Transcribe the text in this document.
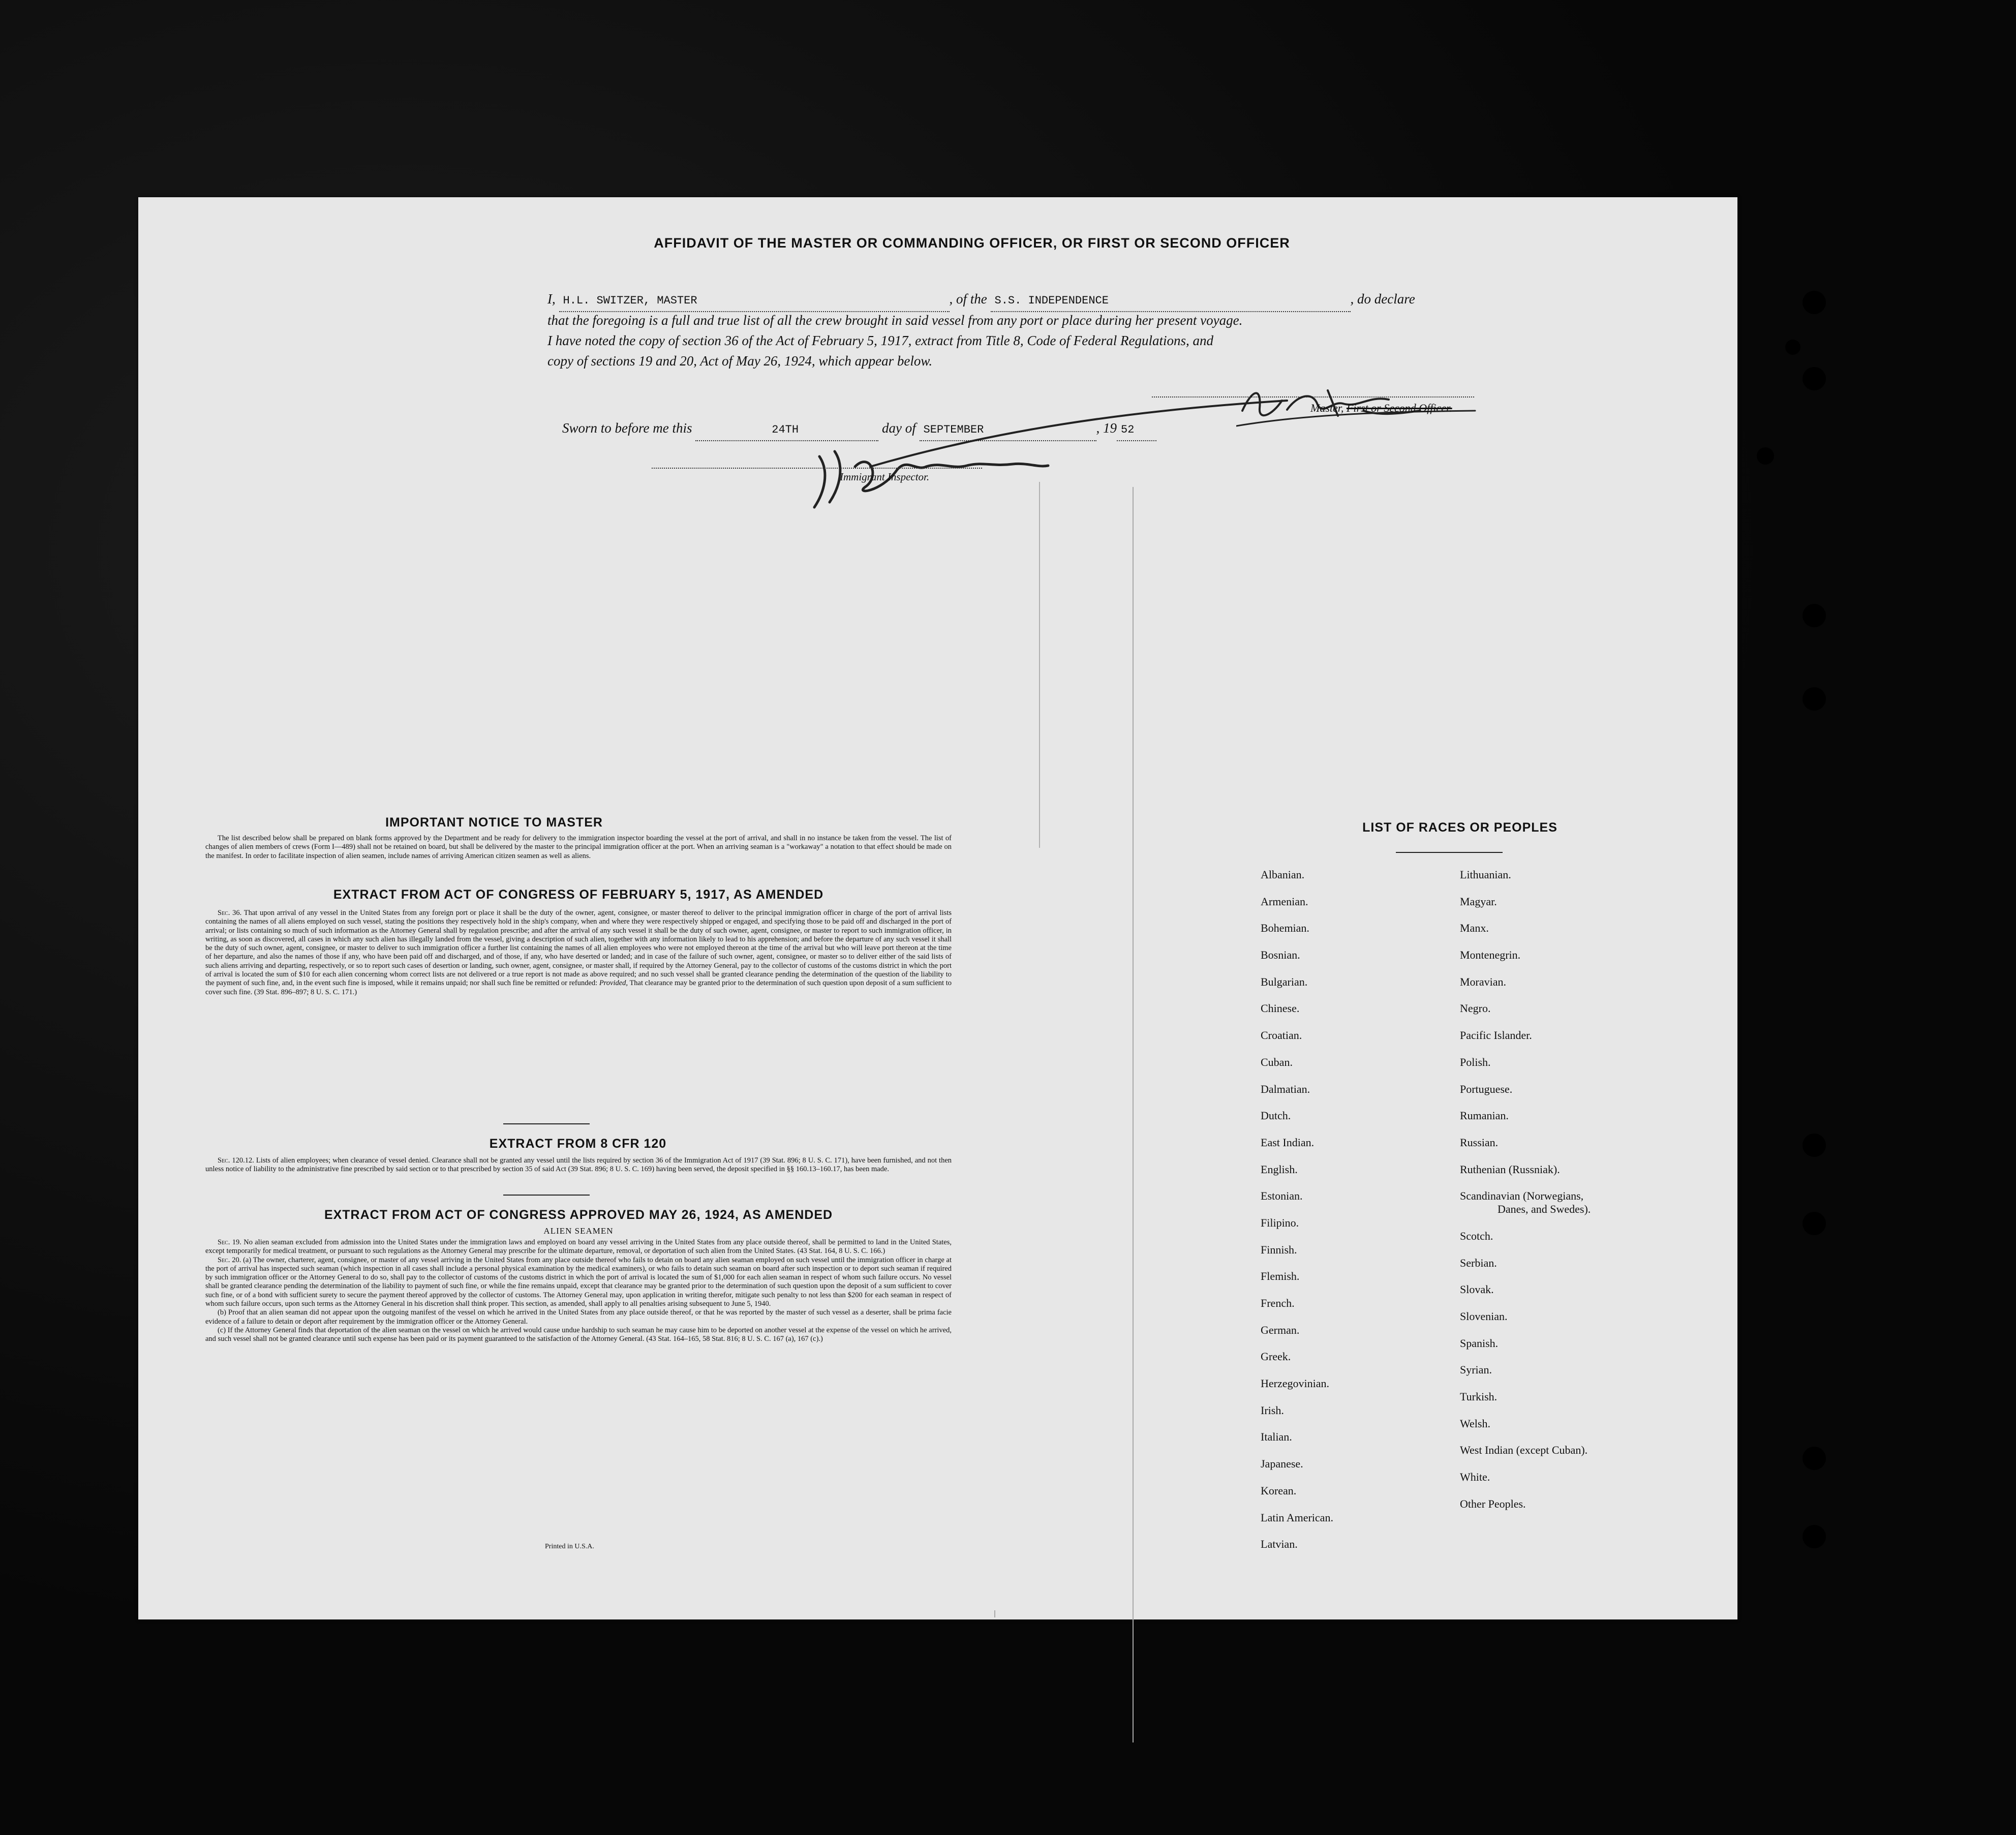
AFFIDAVIT OF THE MASTER OR COMMANDING OFFICER, OR FIRST OR SECOND OFFICER
I, H.L. SWITZER, MASTER	, of the S.S. INDEPENDENCE	, do declare
that the foregoing is a full and true list of all the crew brought in said vessel from any port or place during her present voyage.
I have noted the copy of section 36 of the Act of February 5, 1917, extract from Title 8, Code of Federal Regulations, and
copy of sections 19 and 20, Act of May 26, 1924, which appear below.
Master, First or Second Officer.
Sworn to before me this	24TH	day of SEPTEMBER	, 19 52
Immigrant Inspector.
IMPORTANT NOTICE TO MASTER

The list described below shall be prepared on blank forms approved by the Department and be ready for delivery to the immigration inspector boarding the vessel at the port of arrival, and shall in no instance be taken from the vessel. The list of changes of alien members of crews (Form I—489) shall not be retained on board, but shall be delivered by the master to the principal immigration officer at the port. When an arriving seaman is a "workaway" a notation to that effect should be made on the manifest. In order to facilitate inspection of alien seamen, include names of arriving American citizen seamen as well as aliens.

EXTRACT FROM ACT OF CONGRESS OF FEBRUARY 5, 1917, AS AMENDED

Sec. 36. That upon arrival of any vessel in the United States from any foreign port or place it shall be the duty of the owner, agent, consignee, or master thereof to deliver to the principal immigration officer in charge of the port of arrival lists containing the names of all aliens employed on such vessel, stating the positions they respectively hold in the ship's company, when and where they were respectively shipped or engaged, and specifying those to be paid off and discharged in the port of arrival; or lists containing so much of such information as the Attorney General shall by regulation prescribe; and after the arrival of any such vessel it shall be the duty of such owner, agent, consignee, or master to report to such immigration officer, in writing, as soon as discovered, all cases in which any such alien has illegally landed from the vessel, giving a description of such alien, together with any information likely to lead to his apprehension; and before the departure of any such vessel it shall be the duty of such owner, agent, consignee, or master to deliver to such immigration officer a further list containing the names of all alien employees who were not employed thereon at the time of the arrival but who will leave port thereon at the time of her departure, and also the names of those if any, who have been paid off and discharged, and of those, if any, who have deserted or landed; and in case of the failure of such owner, agent, consignee, or master so to deliver either of the said lists of such aliens arriving and departing, respectively, or so to report such cases of desertion or landing, such owner, agent, consignee, or master shall, if required by the Attorney General, pay to the collector of customs of the customs district in which the port of arrival is located the sum of $10 for each alien concerning whom correct lists are not delivered or a true report is not made as above required; and no such vessel shall be granted clearance pending the determination of the question of the liability to the payment of such fine, and, in the event such fine is imposed, while it remains unpaid; nor shall such fine be remitted or refunded: Provided, That clearance may be granted prior to the determination of such question upon deposit of a sum sufficient to cover such fine. (39 Stat. 896–897; 8 U. S. C. 171.)

EXTRACT FROM 8 CFR 120

Sec. 120.12. Lists of alien employees; when clearance of vessel denied. Clearance shall not be granted any vessel until the lists required by section 36 of the Immigration Act of 1917 (39 Stat. 896; 8 U. S. C. 171), have been furnished, and not then unless notice of liability to the administrative fine prescribed by said section or to that prescribed by section 35 of said Act (39 Stat. 896; 8 U. S. C. 169) having been served, the deposit specified in §§ 160.13–160.17, has been made.

EXTRACT FROM ACT OF CONGRESS APPROVED MAY 26, 1924, AS AMENDED
ALIEN SEAMEN

Sec. 19. No alien seaman excluded from admission into the United States under the immigration laws and employed on board any vessel arriving in the United States from any place outside thereof, shall be permitted to land in the United States, except temporarily for medical treatment, or pursuant to such regulations as the Attorney General may prescribe for the ultimate departure, removal, or deportation of such alien from the United States. (43 Stat. 164, 8 U. S. C. 166.)

Sec. 20. (a) The owner, charterer, agent, consignee, or master of any vessel arriving in the United States from any place outside thereof who fails to detain on board any alien seaman employed on such vessel until the immigration officer in charge at the port of arrival has inspected such seaman (which inspection in all cases shall include a personal physical examination by the medical examiners), or who fails to detain such seaman on board after such inspection or to deport such seaman if required by such immigration officer or the Attorney General to do so, shall pay to the collector of customs of the customs district in which the port of arrival is located the sum of $1,000 for each alien seaman in respect of whom such failure occurs. No vessel shall be granted clearance pending the determination of the liability to payment of such fine, or while the fine remains unpaid, except that clearance may be granted prior to the determination of such question upon the deposit of a sum sufficient to cover such fine, or of a bond with sufficient surety to secure the payment thereof approved by the collector of customs. The Attorney General may, upon application in writing therefor, mitigate such penalty to not less than $200 for each seaman in respect of whom such failure occurs, upon such terms as the Attorney General in his discretion shall think proper. This section, as amended, shall apply to all penalties arising subsequent to June 5, 1940.

(b) Proof that an alien seaman did not appear upon the outgoing manifest of the vessel on which he arrived in the United States from any place outside thereof, or that he was reported by the master of such vessel as a deserter, shall be prima facie evidence of a failure to detain or deport after requirement by the immigration officer or the Attorney General.

(c) If the Attorney General finds that deportation of the alien seaman on the vessel on which he arrived would cause undue hardship to such seaman he may cause him to be deported on another vessel at the expense of the vessel on which he arrived, and such vessel shall not be granted clearance until such expense has been paid or its payment guaranteed to the satisfaction of the Attorney General. (43 Stat. 164–165, 58 Stat. 816; 8 U. S. C. 167 (a), 167 (c).)

Printed in U.S.A.
LIST OF RACES OR PEOPLES
Albanian.
Armenian.
Bohemian.
Bosnian.
Bulgarian.
Chinese.
Croatian.
Cuban.
Dalmatian.
Dutch.
East Indian.
English.
Estonian.
Filipino.
Finnish.
Flemish.
French.
German.
Greek.
Herzegovinian.
Irish.
Italian.
Japanese.
Korean.
Latin American.
Latvian.
Lithuanian.
Magyar.
Manx.
Montenegrin.
Moravian.
Negro.
Pacific Islander.
Polish.
Portuguese.
Rumanian.
Russian.
Ruthenian (Russniak).
Scandinavian (Norwegians,
Danes, and Swedes).
Scotch.
Serbian.
Slovak.
Slovenian.
Spanish.
Syrian.
Turkish.
Welsh.
West Indian (except Cuban).
White.
Other Peoples.
